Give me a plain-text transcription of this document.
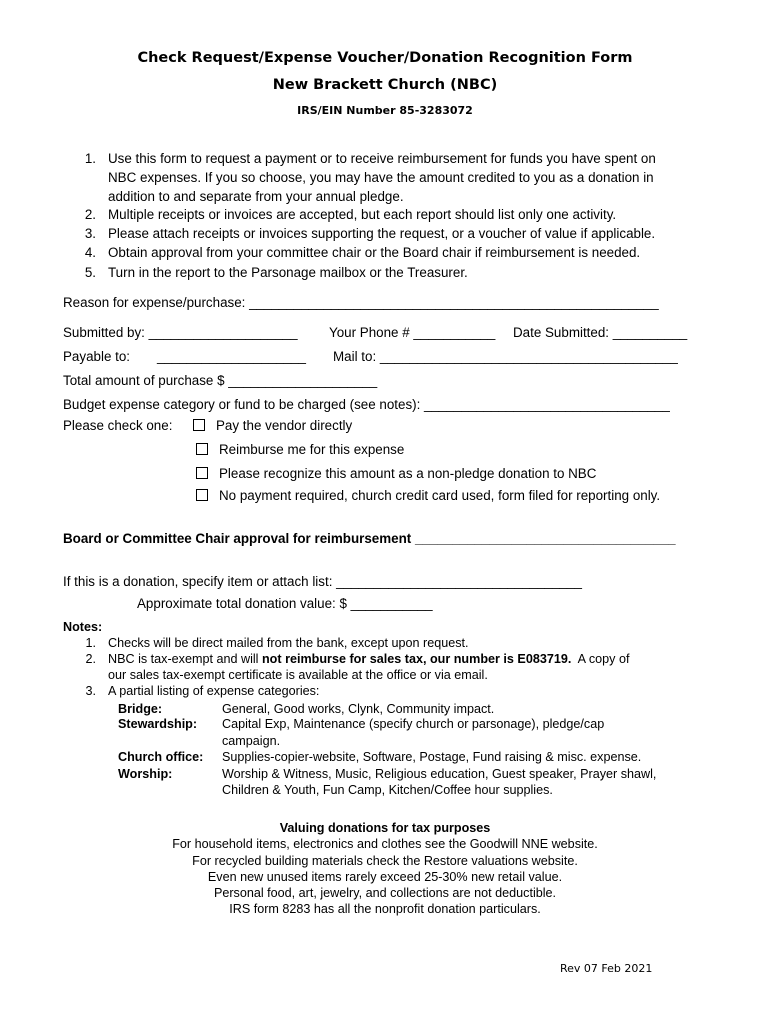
Check Request/Expense Voucher/Donation Recognition Form
New Brackett Church (NBC)
IRS/EIN Number 85-3283072
1. Use this form to request a payment or to receive reimbursement for funds you have spent on
NBC expenses. If you so choose, you may have the amount credited to you as a donation in
addition to and separate from your annual pledge.
2. Multiple receipts or invoices are accepted, but each report should list only one activity.
3. Please attach receipts or invoices supporting the request, or a voucher of value if applicable.
4. Obtain approval from your committee chair or the Board chair if reimbursement is needed.
5. Turn in the report to the Parsonage mailbox or the Treasurer.
Reason for expense/purchase: _______________________________________________________
Submitted by: ____________________ Your Phone # ___________ Date Submitted: __________
Payable to: ____________________ Mail to: ________________________________________
Total amount of purchase $ ____________________
Budget expense category or fund to be charged (see notes): _________________________________
Please check one:	Pay the vendor directly
Reimburse me for this expense
Please recognize this amount as a non-pledge donation to NBC
No payment required, church credit card used, form filed for reporting only.
Board or Committee Chair approval for reimbursement ___________________________________
If this is a donation, specify item or attach list: _________________________________
Approximate total donation value: $ ___________
Notes:
1. Checks will be direct mailed from the bank, except upon request.
2. NBC is tax-exempt and will not reimburse for sales tax, our number is E083719.  A copy of
our sales tax-exempt certificate is available at the office or via email.
3. A partial listing of expense categories:
Bridge:	General, Good works, Clynk, Community impact.
Stewardship: Capital Exp, Maintenance (specify church or parsonage), pledge/cap
campaign.
Church office: Supplies-copier-website, Software, Postage, Fund raising & misc. expense.
Worship:	Worship & Witness, Music, Religious education, Guest speaker, Prayer shawl,
Children & Youth, Fun Camp, Kitchen/Coffee hour supplies.
Valuing donations for tax purposes
For household items, electronics and clothes see the Goodwill NNE website.
For recycled building materials check the Restore valuations website.
Even new unused items rarely exceed 25-30% new retail value.
Personal food, art, jewelry, and collections are not deductible.
IRS form 8283 has all the nonprofit donation particulars.
Rev 07 Feb 2021
